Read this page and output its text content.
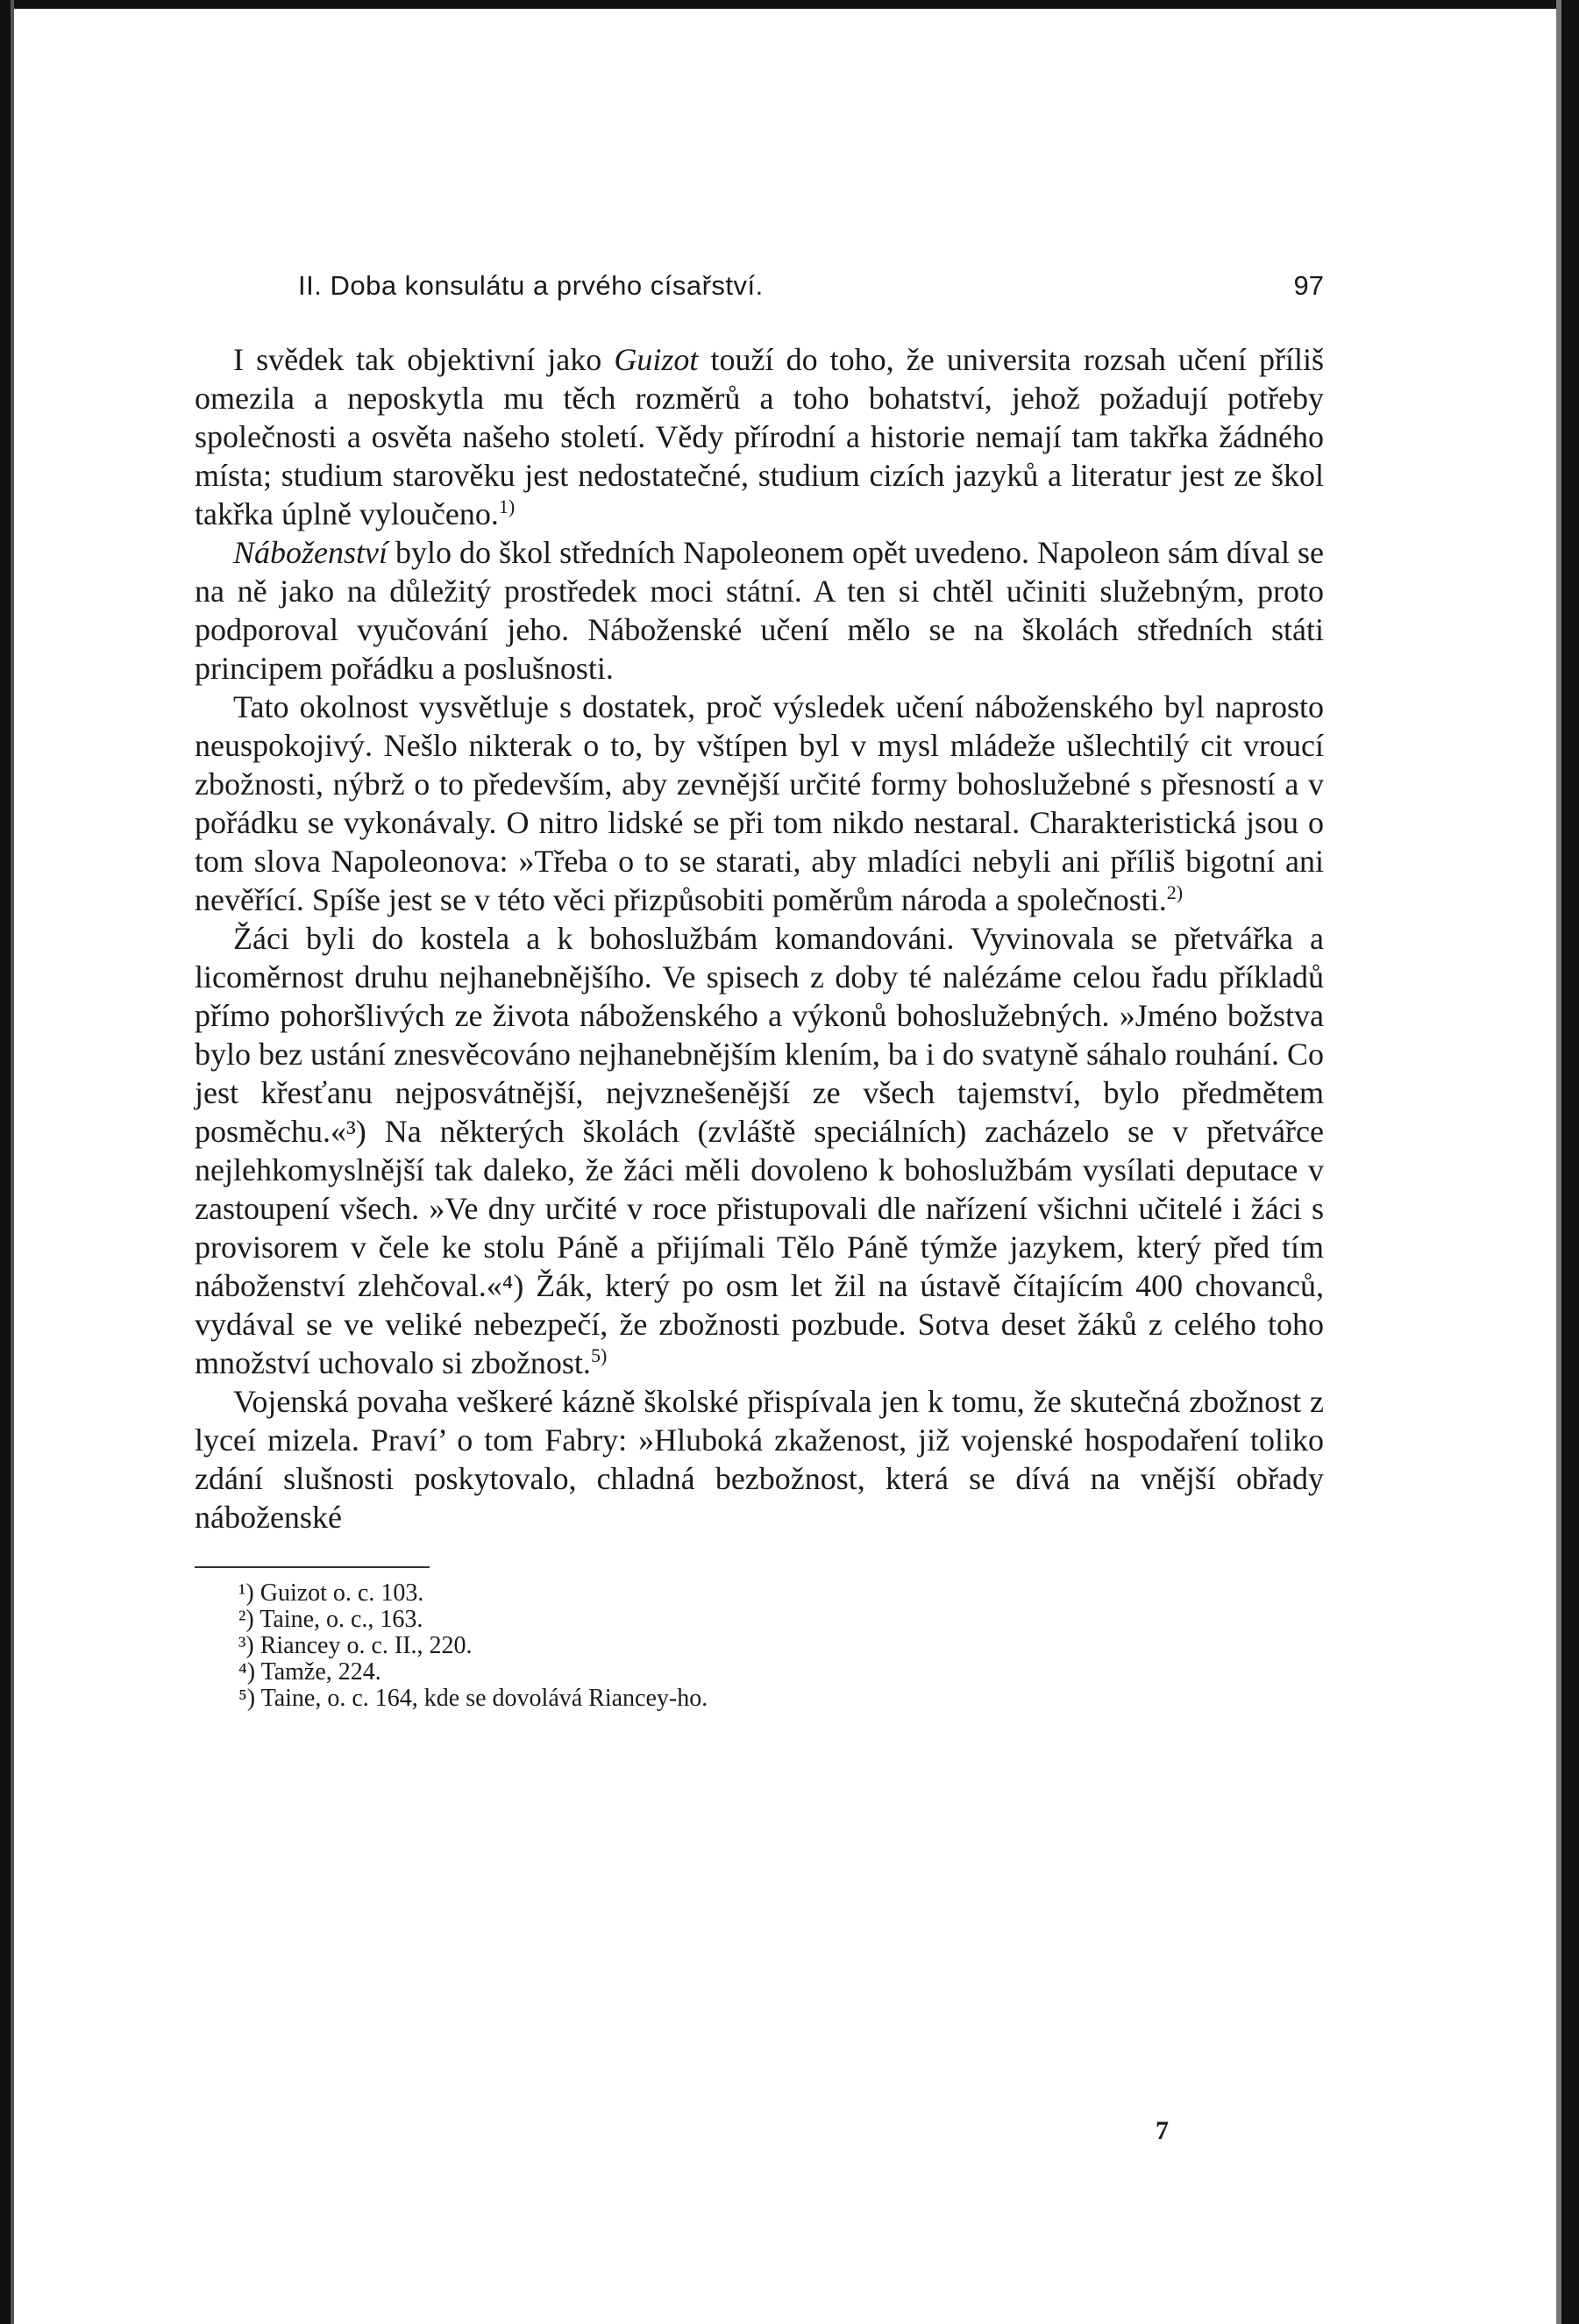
II. Doba konsulátu a prvého císařství.	97

I svědek tak objektivní jako Guizot touží do toho, že universita rozsah učení příliš omezila a neposkytla mu těch rozměrů a toho bohatství, jehož požadují potřeby společnosti a osvěta našeho století. Vědy přírodní a historie nemají tam takřka žádného místa; studium starověku jest nedostatečné, studium cizích jazyků a literatur jest ze škol takřka úplně vyloučeno.$^{1)}$

Náboženství bylo do škol středních Napoleonem opět uvedeno. Napoleon sám díval se na ně jako na důležitý prostředek moci státní. A ten si chtěl učiniti služebným, proto podporoval vyučování jeho. Náboženské učení mělo se na školách středních státi principem pořádku a poslušnosti.

Tato okolnost vysvětluje s dostatek, proč výsledek učení náboženského byl naprosto neuspokojivý. Nešlo nikterak o to, by vštípen byl v mysl mládeže ušlechtilý cit vroucí zbožnosti, nýbrž o to především, aby zevnější určité formy bohoslužebné s přesností a v pořádku se vykonávaly. O nitro lidské se při tom nikdo nestaral. Charakteristická jsou o tom slova Napoleonova: »Třeba o to se starati, aby mladíci nebyli ani příliš bigotní ani nevěřící. Spíše jest se v této věci přizpůsobiti poměrům národa a společnosti.$^{2)}$

Žáci byli do kostela a k bohoslužbám komandováni. Vyvinovala se přetvářka a licoměrnost druhu nejhanebnějšího. Ve spisech z doby té nalézáme celou řadu příkladů přímo pohoršlivých ze života náboženského a výkonů bohoslužebných. »Jméno božstva bylo bez ustání znesvěcováno nejhanebnějším klením, ba i do svatyně sáhalo rouhání. Co jest křesťanu nejposvátnější, nejvznešenější ze všech tajemství, bylo předmětem posměchu.«³) Na některých školách (zvláště speciálních) zacházelo se v přetvářce nejlehkomyslnější tak daleko, že žáci měli dovoleno k bohoslužbám vysílati deputace v zastoupení všech. »Ve dny určité v roce přistupovali dle nařízení všichni učitelé i žáci s provisorem v čele ke stolu Páně a přijímali Tělo Páně týmže jazykem, který před tím náboženství zlehčoval.«⁴) Žák, který po osm let žil na ústavě čítajícím 400 chovanců, vydával se ve veliké nebezpečí, že zbožnosti pozbude. Sotva deset žáků z celého toho množství uchovalo si zbožnost.$^{5)}$

Vojenská povaha veškeré kázně školské přispívala jen k tomu, že skutečná zbožnost z lyceí mizela. Praví’ o tom Fabry: »Hluboká zkaženost, již vojenské hospodaření toliko zdání slušnosti poskytovalo, chladná bezbožnost, která se dívá na vnější obřady náboženské

¹) Guizot o. c. 103.

²) Taine, o. c., 163.

³) Riancey o. c. II., 220.

⁴) Tamže, 224.

⁵) Taine, o. c. 164, kde se dovolává Riancey-ho.

7
